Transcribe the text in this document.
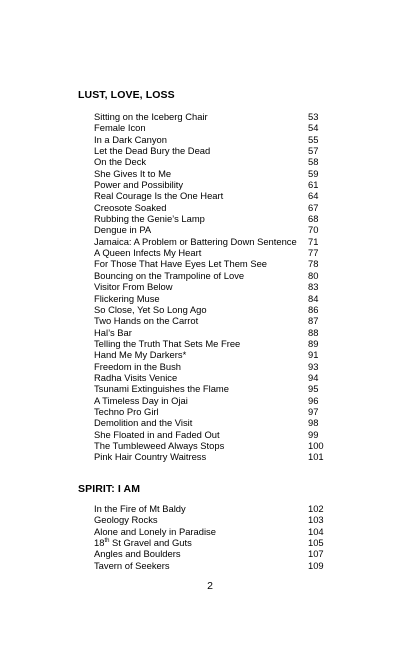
LUST, LOVE, LOSS
Sitting on the Iceberg Chair	53
Female Icon	54
In a Dark Canyon	55
Let the Dead Bury the Dead	57
On the Deck	58
She Gives It to Me	59
Power and Possibility	61
Real Courage Is the One Heart	64
Creosote Soaked	67
Rubbing the Genie’s Lamp	68
Dengue in PA	70
Jamaica: A Problem or Battering Down Sentence	71
A Queen Infects My Heart	77
For Those That Have Eyes Let Them See	78
Bouncing on the Trampoline of Love	80
Visitor From Below	83
Flickering Muse	84
So Close, Yet So Long Ago	86
Two Hands on the Carrot	87
Hal’s Bar	88
Telling the Truth That Sets Me Free	89
Hand Me My Darkers*	91
Freedom in the Bush	93
Radha Visits Venice	94
Tsunami Extinguishes the Flame	95
A Timeless Day in Ojai	96
Techno Pro Girl	97
Demolition and the Visit	98
She Floated in and Faded Out	99
The Tumbleweed Always Stops	100
Pink Hair Country Waitress	101
SPIRIT: I AM
In the Fire of Mt Baldy	102
Geology Rocks	103
Alone and Lonely in Paradise	104
18th St Gravel and Guts	105
Angles and Boulders	107
Tavern of Seekers	109
2
